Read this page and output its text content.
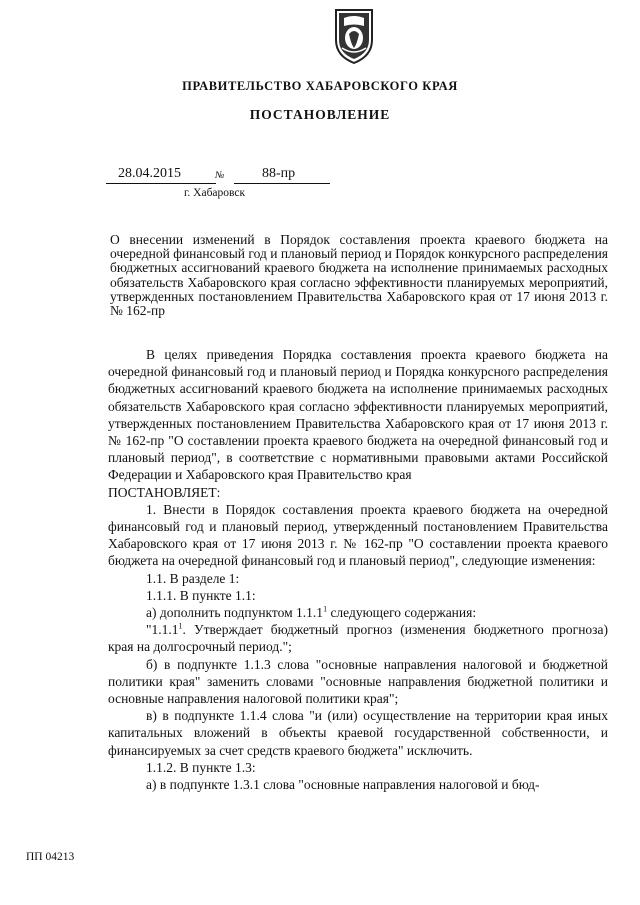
ПРАВИТЕЛЬСТВО ХАБАРОВСКОГО КРАЯ
ПОСТАНОВЛЕНИЕ
28.04.2015	№	88-пр
г. Хабаровск
О внесении изменений в Порядок составления проекта краевого бюджета на очередной финансовый год и плановый период и Порядок конкурсного распределения бюджетных ассигнований краевого бюджета на исполнение принимаемых расходных обязательств Хабаровского края согласно эффективности планируемых мероприятий, утвержденных постановлением Правительства Хабаровского края от 17 июня 2013 г. № 162-пр

В целях приведения Порядка составления проекта краевого бюджета на очередной финансовый год и плановый период и Порядка конкурсного распределения бюджетных ассигнований краевого бюджета на исполнение принимаемых расходных обязательств Хабаровского края согласно эффективности планируемых мероприятий, утвержденных постановлением Правительства Хабаровского края от 17 июня 2013 г. № 162-пр "О составлении проекта краевого бюджета на очередной финансовый год и плановый период", в соответствие с нормативными правовыми актами Российской Федерации и Хабаровского края Правительство края

ПОСТАНОВЛЯЕТ:

1. Внести в Порядок составления проекта краевого бюджета на очередной финансовый год и плановый период, утвержденный постановлением Правительства Хабаровского края от 17 июня 2013 г. № 162-пр "О составлении проекта краевого бюджета на очередной финансовый год и плановый период", следующие изменения:

1.1. В разделе 1:

1.1.1. В пункте 1.1:

а) дополнить подпунктом 1.1.1$^1$ следующего содержания:

"1.1.1$^1$. Утверждает бюджетный прогноз (изменения бюджетного прогноза) края на долгосрочный период.";

б) в подпункте 1.1.3 слова "основные направления налоговой и бюджетной политики края" заменить словами "основные направления бюджетной политики и основные направления налоговой политики края";

в) в подпункте 1.1.4 слова "и (или) осуществление на территории края иных капитальных вложений в объекты краевой государственной собственности, и финансируемых за счет средств краевого бюджета" исключить.

1.1.2. В пункте 1.3:

а) в подпункте 1.3.1 слова "основные направления налоговой и бюд-

ПП 04213
